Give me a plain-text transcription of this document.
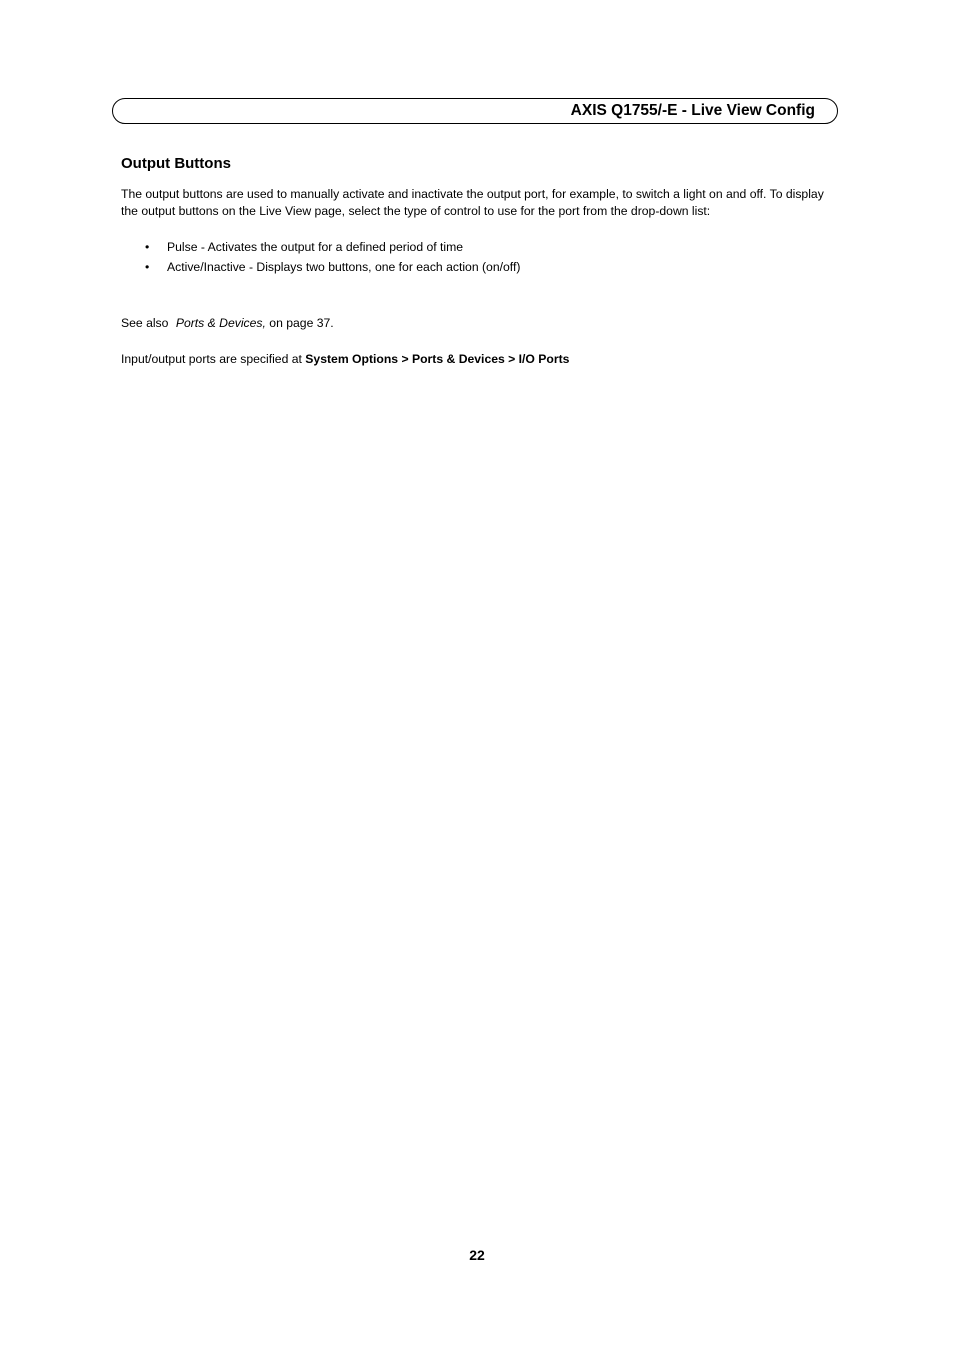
AXIS Q1755/-E - Live View Config
Output Buttons

The output buttons are used to manually activate and inactivate the output port, for example, to switch a light on and off. To display the output buttons on the Live View page, select the type of control to use for the port from the drop-down list:

• Pulse - Activates the output for a defined period of time
• Active/Inactive - Displays two buttons, one for each action (on/off)

See also Ports & Devices, on page 37.

Input/output ports are specified at System Options > Ports & Devices > I/O Ports

22
